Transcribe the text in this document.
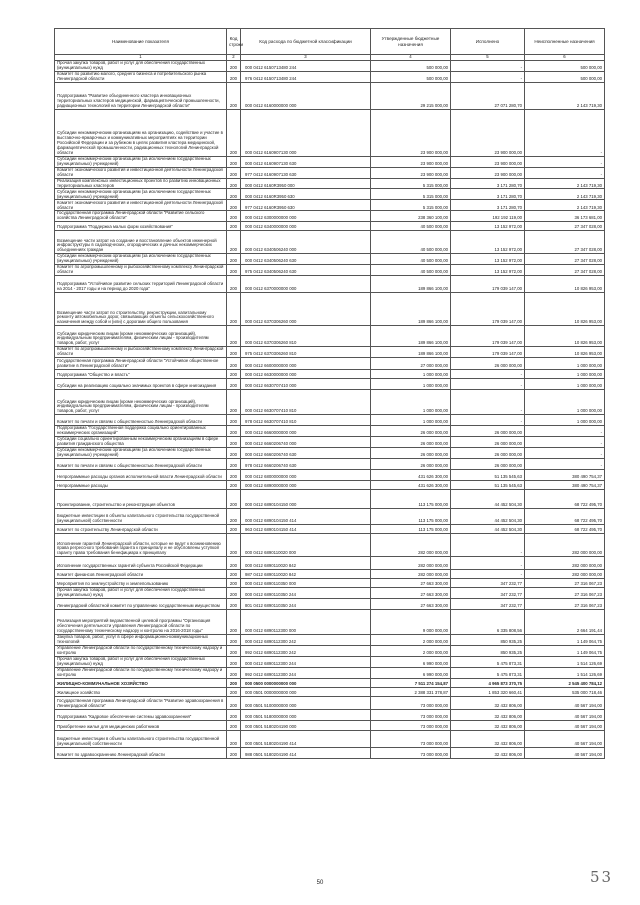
Наименование показателя	Код строки	Код расхода по бюджетной классификации	Утвержденные бюджетные назначения	Исполнено	Неисполненные назначения
1	2	3	4	5	6
Прочая закупка товаров, работ и услуг для обеспечения государственных (муниципальных) нужд	200	000 0412 6150713480 244	500 000,00	-	500 000,00
Комитет по развитию малого, среднего бизнеса и потребительского рынка Ленинградской области	200	976 0412 6150713480 244	500 000,00	-	500 000,00
Подпрограмма "Развитие объединенного кластера инновационных территориальных кластеров медицинской, фармацевтической промышленности, радиационных технологий на территории Ленинградской области"	200	000 0412 6160000000 000	29 215 000,00	27 071 280,70	2 143 719,30
Субсидии некоммерческим организациям на организацию, содействие и участие в выставочно-ярмарочных и коммуникативных мероприятиях на территории Российской Федерации и за рубежом в целях развития кластера медицинской, фармацевтической промышленности, радиационных технологий Ленинградской области	200	000 0412 6160907130 000	23 900 000,00	23 900 000,00	-
Субсидии некоммерческим организациям (за исключением государственных (муниципальных) учреждений)	200	000 0412 6160907130 630	23 900 000,00	23 900 000,00	-
Комитет экономического развития и инвестиционной деятельности Ленинградской области	200	977 0412 6160907130 630	23 900 000,00	23 900 000,00	-
Реализация комплексных инвестиционных проектов по развитию инновационных территориальных кластеров	200	000 0412 6160R3950 000	5 315 000,00	3 171 280,70	2 143 719,30
Субсидии некоммерческим организациям (за исключением государственных (муниципальных) учреждений)	200	000 0412 6160R3950 630	5 315 000,00	3 171 280,70	2 143 719,30
Комитет экономического развития и инвестиционной деятельности Ленинградской области	200	977 0412 6160R3950 630	5 315 000,00	3 171 280,70	2 143 719,30
Государственная программа Ленинградской области "Развитие сельского хозяйства Ленинградской области"	200	000 0412 6300000000 000	238 360 100,00	192 192 119,00	36 173 681,00
Подпрограмма "Поддержка малых форм хозяйствования"	200	000 0412 6340000000 000	40 500 000,00	13 152 972,00	27 347 028,00
Возмещение части затрат на создание и восстановление объектов инженерной инфраструктуры в садоводческих, огороднических и дачных некоммерческих объединениях граждан	200	000 0412 6340506240 000	40 500 000,00	13 152 972,00	27 347 028,00
Субсидии некоммерческим организациям (за исключением государственных (муниципальных) учреждений)	200	000 0412 6340506240 630	40 500 000,00	13 152 972,00	27 347 028,00
Комитет по агропромышленному и рыбохозяйственному комплексу Ленинградской области	200	975 0412 6340506240 630	40 500 000,00	13 152 972,00	27 347 028,00
Подпрограмма "Устойчивое развитие сельских территорий Ленинградской области на 2014 - 2017 годы и на период до 2020 года"	200	000 0412 6370000000 000	189 866 100,00	179 039 147,00	10 826 953,00
Возмещение части затрат по строительству, реконструкции, капитальному ремонту автомобильных дорог, связывающих объекты сельскохозяйственного назначения между собой и (или) с дорогами общего пользования	200	000 0412 6370306260 000	189 866 100,00	179 039 147,00	10 826 953,00
Субсидии юридическим лицам (кроме некоммерческих организаций), индивидуальным предпринимателям, физическим лицам - производителям товаров, работ, услуг	200	000 0412 6370306260 810	189 866 100,00	179 039 147,00	10 826 953,00
Комитет по агропромышленному и рыбохозяйственному комплексу Ленинградской области	200	975 0412 6370306260 810	189 866 100,00	179 039 147,00	10 826 953,00
Государственная программа Ленинградской области "Устойчивое общественное развитие в Ленинградской области"	200	000 0412 6600000000 000	27 000 000,00	26 000 000,00	1 000 000,00
Подпрограмма "Общество и власть"	200	000 0412 6630000000 000	1 000 000,00	-	1 000 000,00
Субсидии на реализацию социально значимых проектов в сфере книгоиздания	200	000 0412 6630707410 000	1 000 000,00	-	1 000 000,00
Субсидии юридическим лицам (кроме некоммерческих организаций), индивидуальным предпринимателям, физическим лицам - производителям товаров, работ, услуг	200	000 0412 6630707410 810	1 000 000,00	-	1 000 000,00
Комитет по печати и связям с общественностью Ленинградской области	200	978 0412 6630707410 810	1 000 000,00	-	1 000 000,00
Подпрограмма "Государственная поддержка социально ориентированных некоммерческих организаций"	200	000 0412 6660000000 000	26 000 000,00	26 000 000,00	-
Субсидии социально ориентированным некоммерческим организациям в сфере развития гражданского общества	200	000 0412 6660206740 000	26 000 000,00	26 000 000,00	-
Субсидии некоммерческим организациям (за исключением государственных (муниципальных) учреждений)	200	000 0412 6660206740 630	26 000 000,00	26 000 000,00	-
Комитет по печати и связям с общественностью Ленинградской области	200	978 0412 6660206740 630	26 000 000,00	26 000 000,00	-
Непрограммные расходы органов исполнительной власти Ленинградской области	200	000 0412 6800000000 000	431 626 300,00	51 135 545,63	380 490 754,37
Непрограммные расходы	200	000 0412 6890000000 000	431 626 300,00	51 135 545,63	380 490 754,37
Проектирование, строительство и реконструкция объектов	200	000 0412 6890104150 000	113 175 000,00	44 452 504,30	68 722 495,70
Бюджетные инвестиции в объекты капитального строительства государственной (муниципальной) собственности	200	000 0412 6890104150 414	113 175 000,00	44 452 504,30	68 722 495,70
Комитет по строительству Ленинградской области	200	963 0412 6890104150 414	113 175 000,00	44 452 504,30	68 722 495,70
Исполнение гарантий Ленинградской области, которые не ведут к возникновению права регрессного требования гаранта к принципалу и не обусловлены уступкой гаранту права требования бенефициара к принципалу	200	000 0412 6890110020 000	282 000 000,00	-	282 000 000,00
Исполнение государственных гарантий субъекта Российской Федерации	200	000 0412 6890110020 842	282 000 000,00	-	282 000 000,00
Комитет финансов Ленинградской области	200	987 0412 6890110020 842	282 000 000,00	-	282 000 000,00
Мероприятия по землеустройству и землепользованию	200	000 0412 6890110350 000	27 663 300,00	347 232,77	27 316 067,23
Прочая закупка товаров, работ и услуг для обеспечения государственных (муниципальных) нужд	200	000 0412 6890110350 244	27 663 300,00	347 232,77	27 316 067,23
Ленинградский областной комитет по управлению государственным имуществом	200	801 0412 6890110350 244	27 663 300,00	347 232,77	27 316 067,23
Реализация мероприятий ведомственной целевой программы "Организация обеспечения деятельности управления Ленинградской области по государственному техническому надзору и контролю на 2016-2018 годы"	200	000 0412 6890112300 000	9 000 000,00	6 335 808,56	2 664 191,44
Закупка товаров, работ, услуг в сфере информационно-коммуникационных технологий	200	000 0412 6890112300 242	2 000 000,00	850 935,25	1 149 064,75
Управление Ленинградской области по государственному техническому надзору и контролю	200	992 0412 6890112300 242	2 000 000,00	850 935,25	1 149 064,75
Прочая закупка товаров, работ и услуг для обеспечения государственных (муниципальных) нужд	200	000 0412 6890112300 244	6 990 000,00	5 475 873,31	1 514 126,69
Управление Ленинградской области по государственному техническому надзору и контролю	200	992 0412 6890112300 244	6 990 000,00	5 475 873,31	1 514 126,69
ЖИЛИЩНО-КОММУНАЛЬНОЕ ХОЗЯЙСТВО	200	000 0500 0000000000 000	7 511 274 154,87	4 965 873 370,75	2 545 400 784,12
Жилищное хозяйство	200	000 0501 0000000000 000	2 388 331 378,87	1 853 320 660,41	535 000 718,46
Государственная программа Ленинградской области "Развитие здравоохранения в Ленинградской области"	200	000 0501 5100000000 000	73 000 000,00	32 432 806,00	40 567 194,00
Подпрограмма "Кадровое обеспечение системы здравоохранения"	200	000 0501 5180000000 000	73 000 000,00	32 432 806,00	40 567 194,00
Приобретение жилья для медицинских работников	200	000 0501 5180204190 000	73 000 000,00	32 432 806,00	40 567 194,00
Бюджетные инвестиции в объекты капитального строительства государственной (муниципальной) собственности	200	000 0501 5180204190 414	73 000 000,00	32 432 806,00	40 567 194,00
Комитет по здравоохранению Ленинградской области	200	988 0501 5180204190 414	73 000 000,00	32 432 806,00	40 567 194,00
50	53
